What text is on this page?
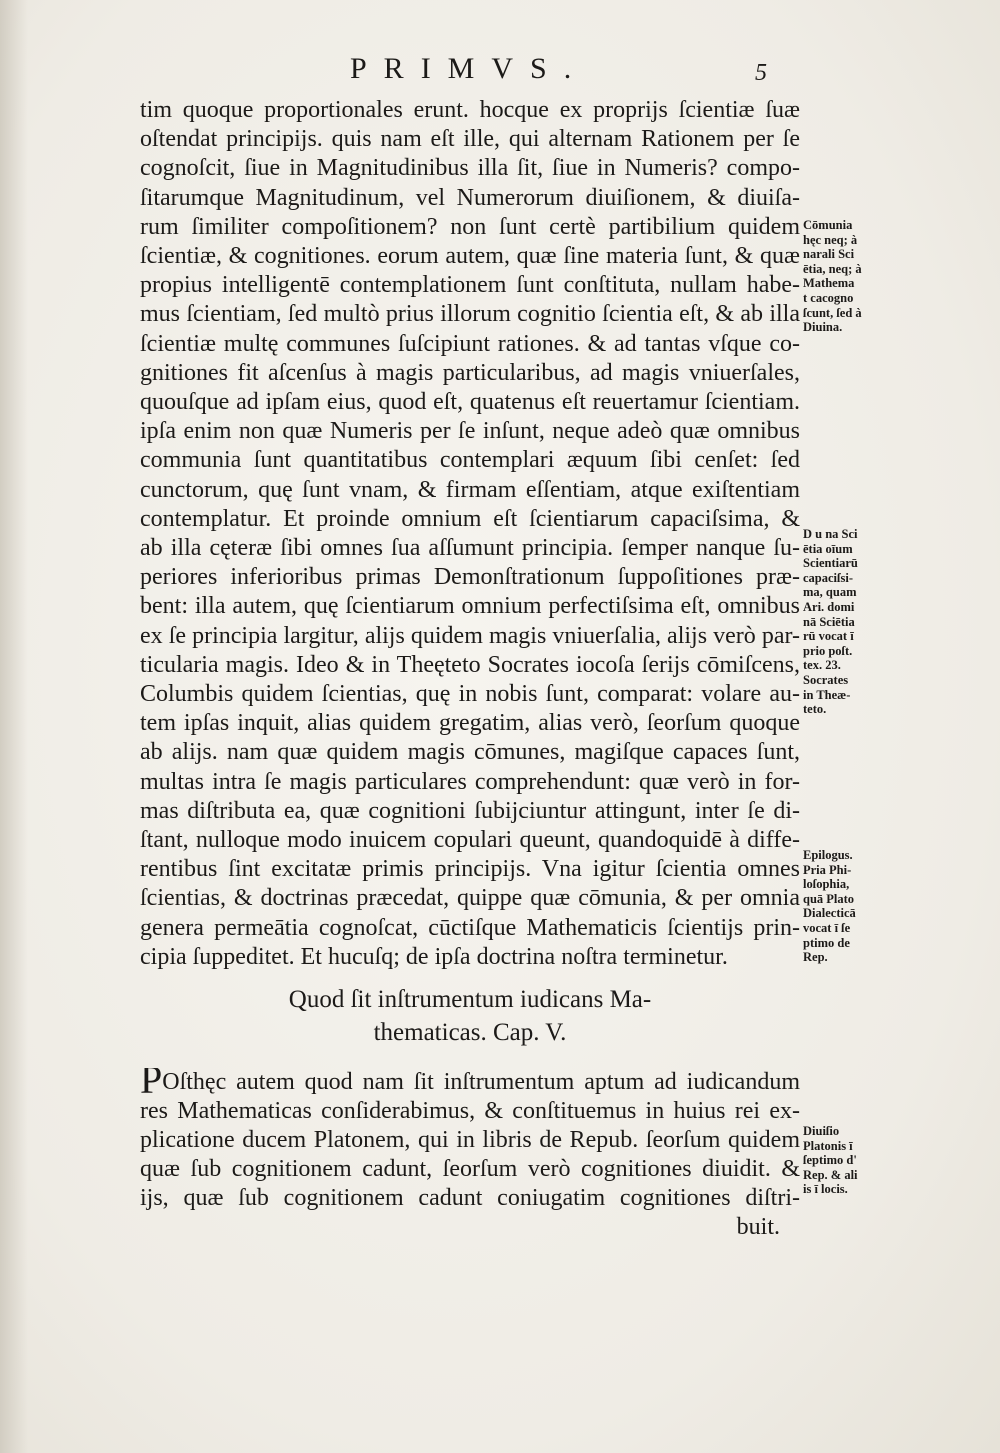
PRIMVS.	5
tim quoque proportionales erunt. hocque ex proprijs ſcientiæ ſuæ
oſtendat principijs. quis nam eſt ille, qui alternam Rationem per ſe
cognoſcit, ſiue in Magnitudinibus illa ſit, ſiue in Numeris? compo-
ſitarumque Magnitudinum, vel Numerorum diuiſionem, & diuiſa-
rum ſimiliter compoſitionem? non ſunt certè partibilium quidem
ſcientiæ, & cognitiones. eorum autem, quæ ſine materia ſunt, & quæ
propius intelligentē contemplationem ſunt conſtituta, nullam habe-
mus ſcientiam, ſed multò prius illorum cognitio ſcientia eſt, & ab illa
ſcientiæ multę communes ſuſcipiunt rationes. & ad tantas vſque co-
gnitiones fit aſcenſus à magis particularibus, ad magis vniuerſales,
quouſque ad ipſam eius, quod eſt, quatenus eſt reuertamur ſcientiam.
ipſa enim non quæ Numeris per ſe inſunt, neque adeò quæ omnibus
communia ſunt quantitatibus contemplari æquum ſibi cenſet: ſed
cunctorum, quę ſunt vnam, & firmam eſſentiam, atque exiſtentiam
contemplatur. Et proinde omnium eſt ſcientiarum capaciſsima, &
ab illa cęteræ ſibi omnes ſua aſſumunt principia. ſemper nanque ſu-
periores inferioribus primas Demonſtrationum ſuppoſitiones præ-
bent: illa autem, quę ſcientiarum omnium perfectiſsima eſt, omnibus
ex ſe principia largitur, alijs quidem magis vniuerſalia, alijs verò par-
ticularia magis. Ideo & in Theęteto Socrates iocoſa ſerijs cōmiſcens,
Columbis quidem ſcientias, quę in nobis ſunt, comparat: volare au-
tem ipſas inquit, alias quidem gregatim, alias verò, ſeorſum quoque
ab alijs. nam quæ quidem magis cōmunes, magiſque capaces ſunt,
multas intra ſe magis particulares comprehendunt: quæ verò in for-
mas diſtributa ea, quæ cognitioni ſubijciuntur attingunt, inter ſe di-
ſtant, nulloque modo inuicem copulari queunt, quandoquidē à diffe-
rentibus ſint excitatæ primis principijs. Vna igitur ſcientia omnes
ſcientias, & doctrinas præcedat, quippe quæ cōmunia, & per omnia
genera permeātia cognoſcat, cūctiſque Mathematicis ſcientijs prin-
cipia ſuppeditet. Et hucuſq; de ipſa doctrina noſtra terminetur.
Quod ſit inſtrumentum iudicans Ma-
thematicas. Cap. V.
POſthęc autem quod nam ſit inſtrumentum aptum ad iudicandum
res Mathematicas conſiderabimus, & conſtituemus in huius rei ex-
plicatione ducem Platonem, qui in libris de Repub. ſeorſum quidem
quæ ſub cognitionem cadunt, ſeorſum verò cognitiones diuidit. &
ijs, quæ ſub cognitionem cadunt coniugatim cognitiones diſtri-
buit.
Cōmunia
hęc neq; à
narali Sci
ētia, neq; à
Mathema
t cacogno
ſcunt, ſed à
Diuina.
D u na Sci
ētia oīum
Scientiarū
capaciſsi-
ma, quam
Ari. domi
nā Sciētia
rū vocat ī
prio poſt.
tex. 23.
Socrates
in Theæ-
teto.
Epilogus.
Pria Phi-
loſophia,
quā Plato
Dialecticā
vocat ī ſe
ptimo de
Rep.
Diuiſio
Platonis ī
ſeptimo d'
Rep. & ali
is ī locis.
